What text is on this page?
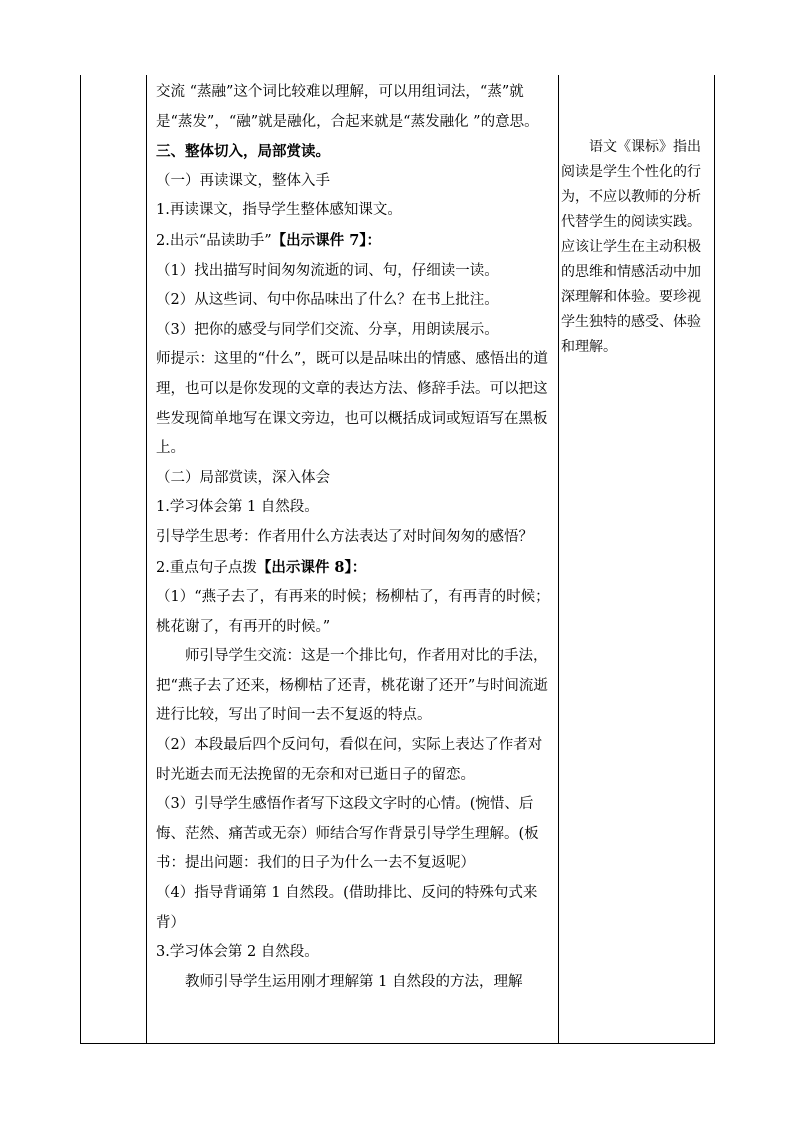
交流 “蒸融”这个词比较难以理解，可以用组词法，“蒸”就是“蒸发”，“融”就是融化，合起来就是“蒸发融化 ”的意思。

三、整体切入，局部赏读。

（一）再读课文，整体入手

1.再读课文，指导学生整体感知课文。

2.出示“品读助手”【出示课件 7】：

（1）找出描写时间匆匆流逝的词、句，仔细读一读。

（2）从这些词、句中你品味出了什么？在书上批注。

（3）把你的感受与同学们交流、分享，用朗读展示。

师提示：这里的“什么”，既可以是品味出的情感、感悟出的道理，也可以是你发现的文章的表达方法、修辞手法。可以把这些发现简单地写在课文旁边，也可以概括成词或短语写在黑板上。

（二）局部赏读，深入体会

1.学习体会第 1 自然段。

引导学生思考：作者用什么方法表达了对时间匆匆的感悟？

2.重点句子点拨【出示课件 8】：

（1）“燕子去了，有再来的时候；杨柳枯了，有再青的时候；桃花谢了，有再开的时候。”

师引导学生交流：这是一个排比句，作者用对比的手法，把“燕子去了还来，杨柳枯了还青，桃花谢了还开”与时间流逝进行比较，写出了时间一去不复返的特点。

（2）本段最后四个反问句，看似在问，实际上表达了作者对时光逝去而无法挽留的无奈和对已逝日子的留恋。

（3）引导学生感悟作者写下这段文字时的心情。(惋惜、后悔、茫然、痛苦或无奈）师结合写作背景引导学生理解。(板书：提出问题：我们的日子为什么一去不复返呢）

（4）指导背诵第 1 自然段。(借助排比、反问的特殊句式来背）

3.学习体会第 2 自然段。

教师引导学生运用刚才理解第 1 自然段的方法，理解

语文《课标》指出阅读是学生个性化的行为，不应以教师的分析代替学生的阅读实践。应该让学生在主动积极的思维和情感活动中加深理解和体验。要珍视学生独特的感受、体验和理解。
